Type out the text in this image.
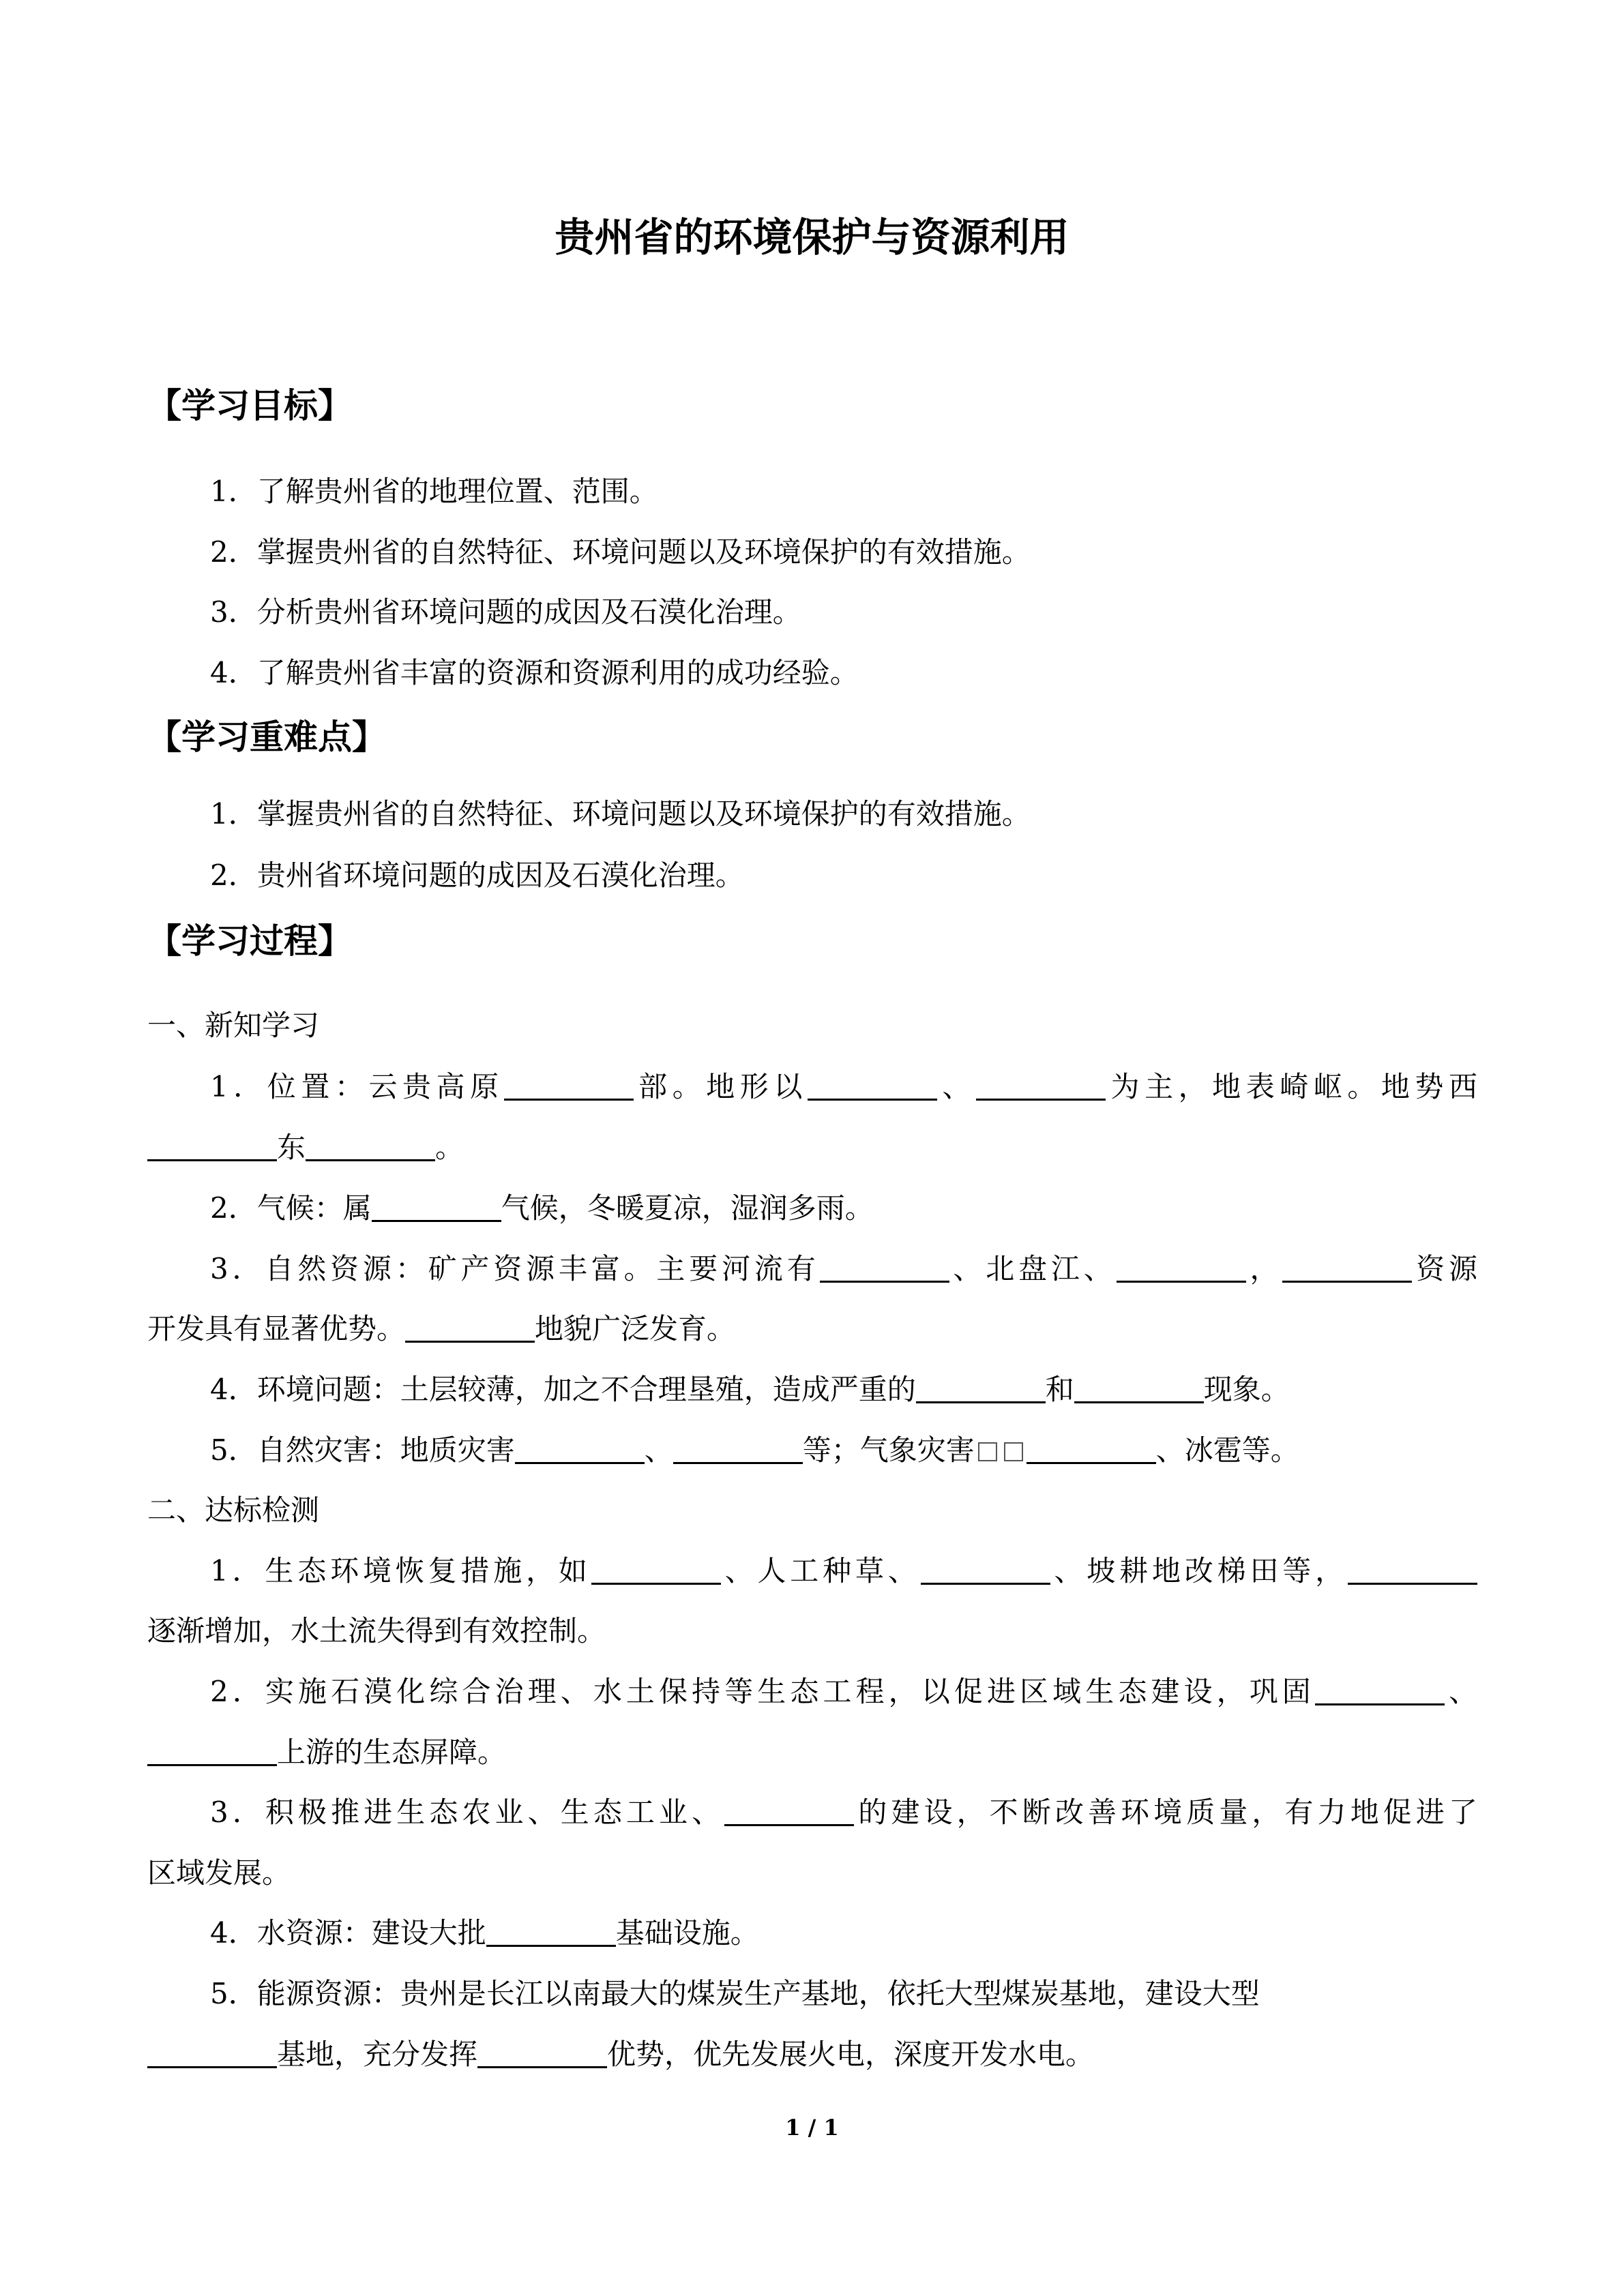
贵州省的环境保护与资源利用
【学习目标】
1．了解贵州省的地理位置、范围。
2．掌握贵州省的自然特征、环境问题以及环境保护的有效措施。
3．分析贵州省环境问题的成因及石漠化治理。
4．了解贵州省丰富的资源和资源利用的成功经验。
【学习重难点】
1．掌握贵州省的自然特征、环境问题以及环境保护的有效措施。
2．贵州省环境问题的成因及石漠化治理。
【学习过程】
一、新知学习
1．位置：云贵高原	部。地形以	、	为主，地表崎岖。地势西
东	。
2．气候：属	气候，冬暖夏凉，湿润多雨。
3．自然资源：矿产资源丰富。主要河流有	、北盘江、	，	资源
开发具有显著优势。	地貌广泛发育。
4．环境问题：土层较薄，加之不合理垦殖，造成严重的	和	现象。
5．自然灾害：地质灾害	、	等；气象灾害	、冰雹等。
二、达标检测
1．生态环境恢复措施，如	、人工种草、	、坡耕地改梯田等，
逐渐增加，水土流失得到有效控制。
2．实施石漠化综合治理、水土保持等生态工程，以促进区域生态建设，巩固	、
上游的生态屏障。
3．积极推进生态农业、生态工业、	的建设，不断改善环境质量，有力地促进了
区域发展。
4．水资源：建设大批	基础设施。
5．能源资源：贵州是长江以南最大的煤炭生产基地，依托大型煤炭基地，建设大型
基地，充分发挥	优势，优先发展火电，深度开发水电。
1 / 1
